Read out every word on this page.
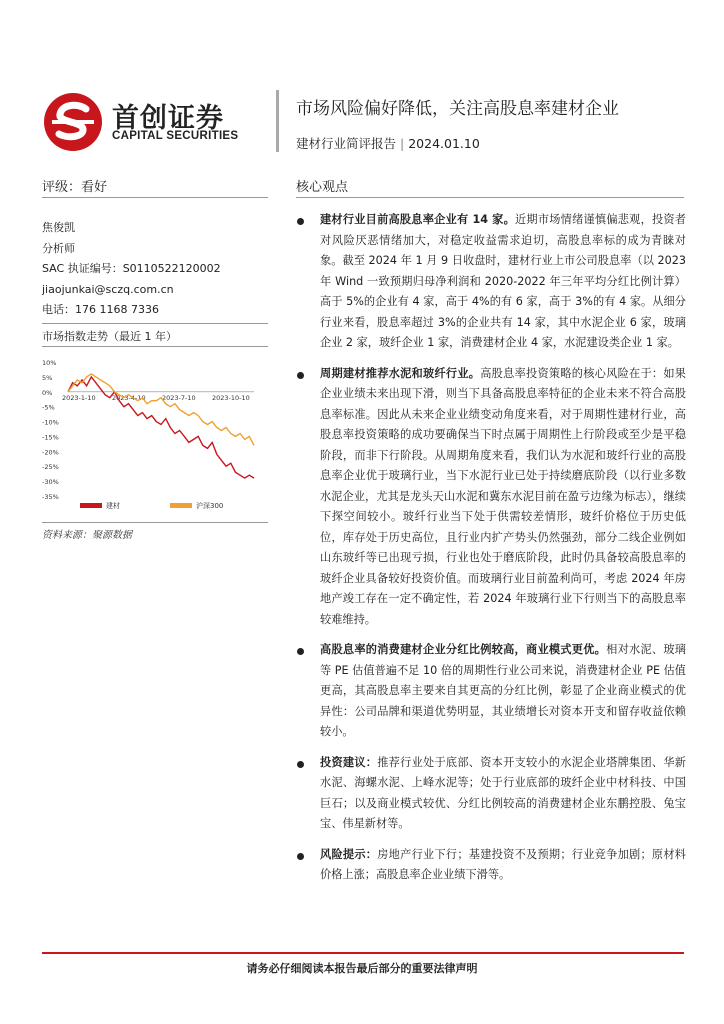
首创证券
CAPITAL SECURITIES
市场风险偏好降低，关注高股息率建材企业
建材行业简评报告 | 2024.01.10
评级：看好	核心观点
焦俊凯
分析师
SAC 执证编号：S0110522120002
jiaojunkai@sczq.com.cn
电话：176 1168 7336
市场指数走势（最近 1 年）
10%
5%
0%
-5%
-10%
-15%
-20%
-25%
-30%
-35%
2023-1-10	2023-4-10	2023-7-10	2023-10-10
建材	沪深300
资料来源：聚源数据
建材行业目前高股息率企业有 14 家。近期市场情绪谨慎偏悲观，投资者对风险厌恶情绪加大，对稳定收益需求迫切，高股息率标的成为青睐对象。截至 2024 年 1 月 9 日收盘时，建材行业上市公司股息率（以 2023 年 Wind 一致预期归母净利润和 2020-2022 年三年平均分红比例计算）高于 5%的企业有 4 家，高于 4%的有 6 家，高于 3%的有 4 家。从细分行业来看，股息率超过 3%的企业共有 14 家，其中水泥企业 6 家，玻璃企业 2 家，玻纤企业 1 家，消费建材企业 4 家，水泥建设类企业 1 家。
周期建材推荐水泥和玻纤行业。高股息率投资策略的核心风险在于：如果企业业绩未来出现下滑，则当下具备高股息率特征的企业未来不符合高股息率标准。因此从未来企业业绩变动角度来看，对于周期性建材行业，高股息率投资策略的成功要确保当下时点属于周期性上行阶段或至少是平稳阶段，而非下行阶段。从周期角度来看，我们认为水泥和玻纤行业的高股息率企业优于玻璃行业，当下水泥行业已处于持续磨底阶段（以行业多数水泥企业，尤其是龙头天山水泥和冀东水泥目前在盈亏边缘为标志），继续下探空间较小。玻纤行业当下处于供需较差情形，玻纤价格位于历史低位，库存处于历史高位，且行业内扩产势头仍然强劲，部分二线企业例如山东玻纤等已出现亏损，行业也处于磨底阶段，此时仍具备较高股息率的玻纤企业具备较好投资价值。而玻璃行业目前盈利尚可，考虑 2024 年房地产竣工存在一定不确定性，若 2024 年玻璃行业下行则当下的高股息率较难维持。
高股息率的消费建材企业分红比例较高，商业模式更优。相对水泥、玻璃等 PE 估值普遍不足 10 倍的周期性行业公司来说，消费建材企业 PE 估值更高，其高股息率主要来自其更高的分红比例，彰显了企业商业模式的优异性：公司品牌和渠道优势明显，其业绩增长对资本开支和留存收益依赖较小。
投资建议：推荐行业处于底部、资本开支较小的水泥企业塔牌集团、华新水泥、海螺水泥、上峰水泥等；处于行业底部的玻纤企业中材科技、中国巨石；以及商业模式较优、分红比例较高的消费建材企业东鹏控股、兔宝宝、伟星新材等。
风险提示：房地产行业下行；基建投资不及预期；行业竞争加剧；原材料价格上涨；高股息率企业业绩下滑等。
请务必仔细阅读本报告最后部分的重要法律声明
